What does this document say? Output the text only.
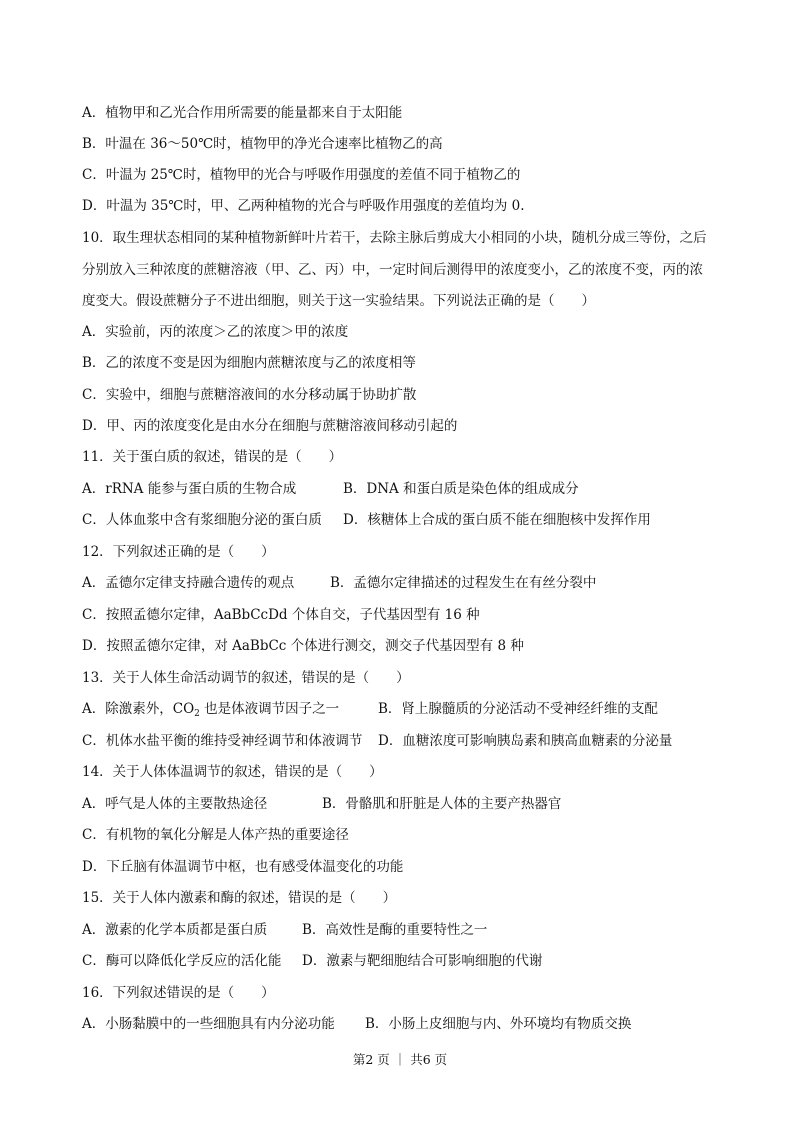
A．植物甲和乙光合作用所需要的能量都来自于太阳能
B．叶温在 36～50℃时，植物甲的净光合速率比植物乙的高
C．叶温为 25℃时，植物甲的光合与呼吸作用强度的差值不同于植物乙的
D．叶温为 35℃时，甲、乙两种植物的光合与呼吸作用强度的差值均为 0.
10．取生理状态相同的某种植物新鲜叶片若干，去除主脉后剪成大小相同的小块，随机分成三等份，之后
分别放入三种浓度的蔗糖溶液（甲、乙、丙）中，一定时间后测得甲的浓度变小，乙的浓度不变，丙的浓
度变大。假设蔗糖分子不进出细胞，则关于这一实验结果。下列说法正确的是（　　）
A．实验前，丙的浓度＞乙的浓度＞甲的浓度
B．乙的浓度不变是因为细胞内蔗糖浓度与乙的浓度相等
C．实验中，细胞与蔗糖溶液间的水分移动属于协助扩散
D．甲、丙的浓度变化是由水分在细胞与蔗糖溶液间移动引起的
11．关于蛋白质的叙述，错误的是（　　）
A．rRNA 能参与蛋白质的生物合成	B．DNA 和蛋白质是染色体的组成成分
C．人体血浆中含有浆细胞分泌的蛋白质 D．核糖体上合成的蛋白质不能在细胞核中发挥作用
12．下列叙述正确的是（　　）
A．孟德尔定律支持融合遗传的观点	B．孟德尔定律描述的过程发生在有丝分裂中
C．按照孟德尔定律，AaBbCcDd 个体自交，子代基因型有 16 种
D．按照孟德尔定律，对 AaBbCc 个体进行测交，测交子代基因型有 8 种
13．关于人体生命活动调节的叙述，错误的是（　　）
A．除激素外，$CO_2$ 也是体液调节因子之一	B．肾上腺髓质的分泌活动不受神经纤维的支配
C．机体水盐平衡的维持受神经调节和体液调节 D．血糖浓度可影响胰岛素和胰高血糖素的分泌量
14．关于人体体温调节的叙述，错误的是（　　）
A．呼气是人体的主要散热途径	B．骨骼肌和肝脏是人体的主要产热器官
C．有机物的氧化分解是人体产热的重要途径
D．下丘脑有体温调节中枢，也有感受体温变化的功能
15．关于人体内激素和酶的叙述，错误的是（　　）
A．激素的化学本质都是蛋白质	B．高效性是酶的重要特性之一
C．酶可以降低化学反应的活化能 D．激素与靶细胞结合可影响细胞的代谢
16．下列叙述错误的是（　　）
A．小肠黏膜中的一些细胞具有内分泌功能 B．小肠上皮细胞与内、外环境均有物质交换
第2 页 ｜ 共6 页
